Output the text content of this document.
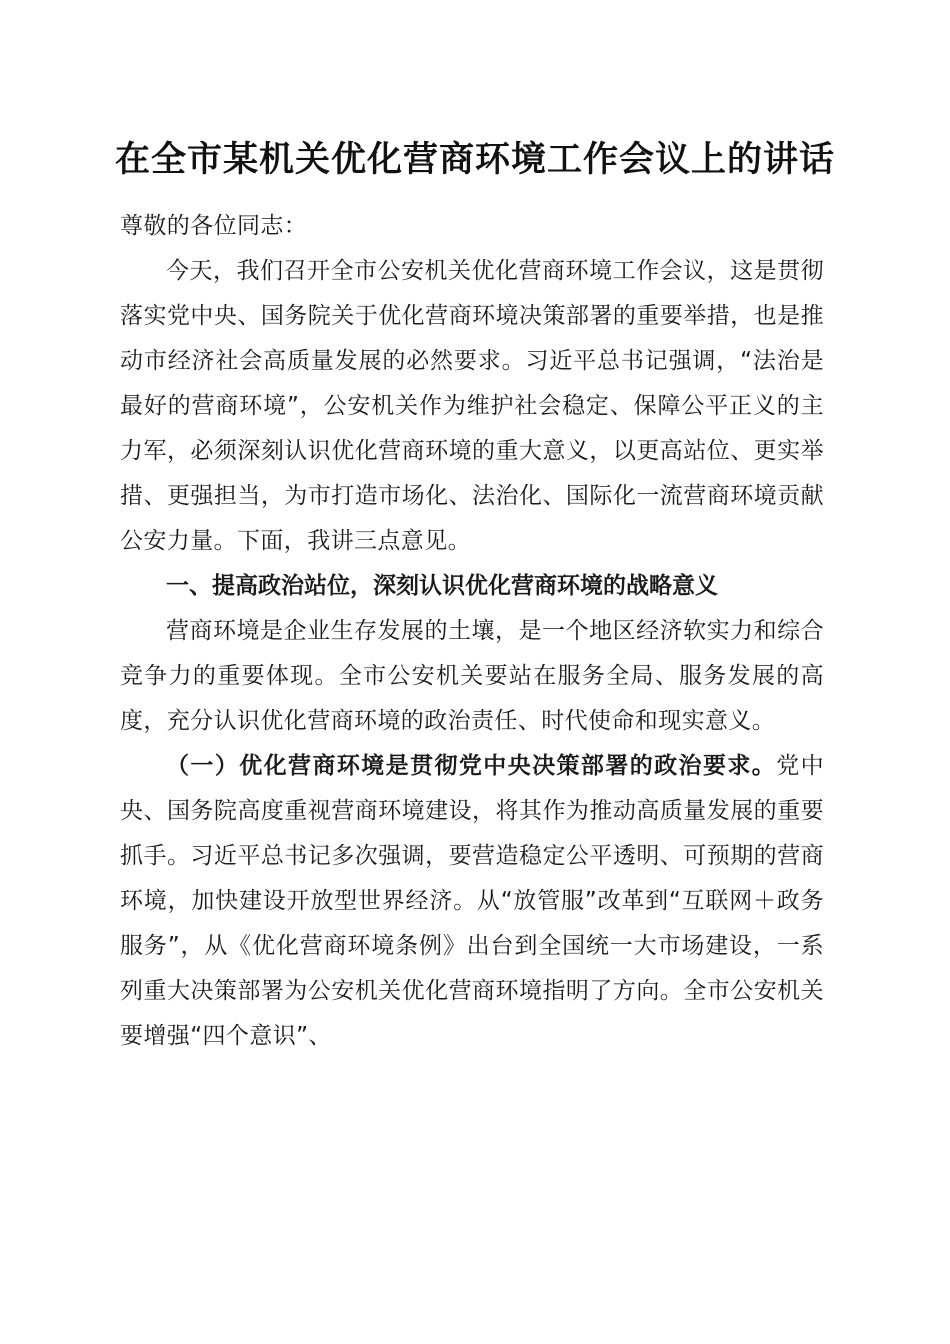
在全市某机关优化营商环境工作会议上的讲话

尊敬的各位同志：

今天，我们召开全市公安机关优化营商环境工作会议，这是贯彻落实党中央、国务院关于优化营商环境决策部署的重要举措，也是推动市经济社会高质量发展的必然要求。习近平总书记强调，“法治是最好的营商环境”，公安机关作为维护社会稳定、保障公平正义的主力军，必须深刻认识优化营商环境的重大意义，以更高站位、更实举措、更强担当，为市打造市场化、法治化、国际化一流营商环境贡献公安力量。下面，我讲三点意见。

一、提高政治站位，深刻认识优化营商环境的战略意义

营商环境是企业生存发展的土壤，是一个地区经济软实力和综合竞争力的重要体现。全市公安机关要站在服务全局、服务发展的高度，充分认识优化营商环境的政治责任、时代使命和现实意义。

（一）优化营商环境是贯彻党中央决策部署的政治要求。党中央、国务院高度重视营商环境建设，将其作为推动高质量发展的重要抓手。习近平总书记多次强调，要营造稳定公平透明、可预期的营商环境，加快建设开放型世界经济。从“放管服”改革到“互联网＋政务服务”，从《优化营商环境条例》出台到全国统一大市场建设，一系列重大决策部署为公安机关优化营商环境指明了方向。全市公安机关要增强“四个意识”、
